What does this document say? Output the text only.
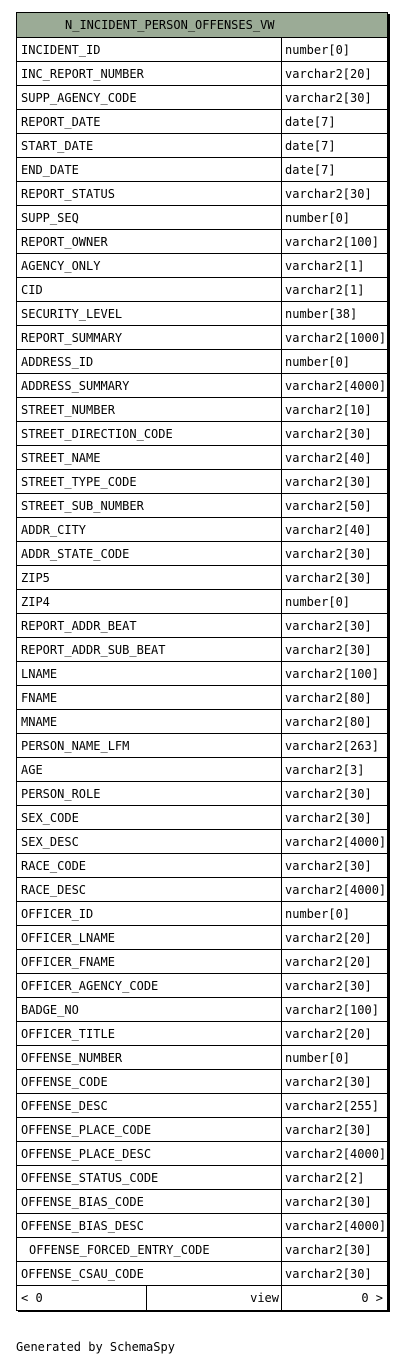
N_INCIDENT_PERSON_OFFENSES_VW
INCIDENT_ID	number[0]
INC_REPORT_NUMBER	varchar2[20]
SUPP_AGENCY_CODE	varchar2[30]
REPORT_DATE	date[7]
START_DATE	date[7]
END_DATE	date[7]
REPORT_STATUS	varchar2[30]
SUPP_SEQ	number[0]
REPORT_OWNER	varchar2[100]
AGENCY_ONLY	varchar2[1]
CID	varchar2[1]
SECURITY_LEVEL	number[38]
REPORT_SUMMARY	varchar2[1000]
ADDRESS_ID	number[0]
ADDRESS_SUMMARY	varchar2[4000]
STREET_NUMBER	varchar2[10]
STREET_DIRECTION_CODE	varchar2[30]
STREET_NAME	varchar2[40]
STREET_TYPE_CODE	varchar2[30]
STREET_SUB_NUMBER	varchar2[50]
ADDR_CITY	varchar2[40]
ADDR_STATE_CODE	varchar2[30]
ZIP5	varchar2[30]
ZIP4	number[0]
REPORT_ADDR_BEAT	varchar2[30]
REPORT_ADDR_SUB_BEAT	varchar2[30]
LNAME	varchar2[100]
FNAME	varchar2[80]
MNAME	varchar2[80]
PERSON_NAME_LFM	varchar2[263]
AGE	varchar2[3]
PERSON_ROLE	varchar2[30]
SEX_CODE	varchar2[30]
SEX_DESC	varchar2[4000]
RACE_CODE	varchar2[30]
RACE_DESC	varchar2[4000]
OFFICER_ID	number[0]
OFFICER_LNAME	varchar2[20]
OFFICER_FNAME	varchar2[20]
OFFICER_AGENCY_CODE	varchar2[30]
BADGE_NO	varchar2[100]
OFFICER_TITLE	varchar2[20]
OFFENSE_NUMBER	number[0]
OFFENSE_CODE	varchar2[30]
OFFENSE_DESC	varchar2[255]
OFFENSE_PLACE_CODE	varchar2[30]
OFFENSE_PLACE_DESC	varchar2[4000]
OFFENSE_STATUS_CODE	varchar2[2]
OFFENSE_BIAS_CODE	varchar2[30]
OFFENSE_BIAS_DESC	varchar2[4000]
OFFENSE_FORCED_ENTRY_CODE	varchar2[30]
OFFENSE_CSAU_CODE	varchar2[30]
< 0	view	0 >
Generated by SchemaSpy
